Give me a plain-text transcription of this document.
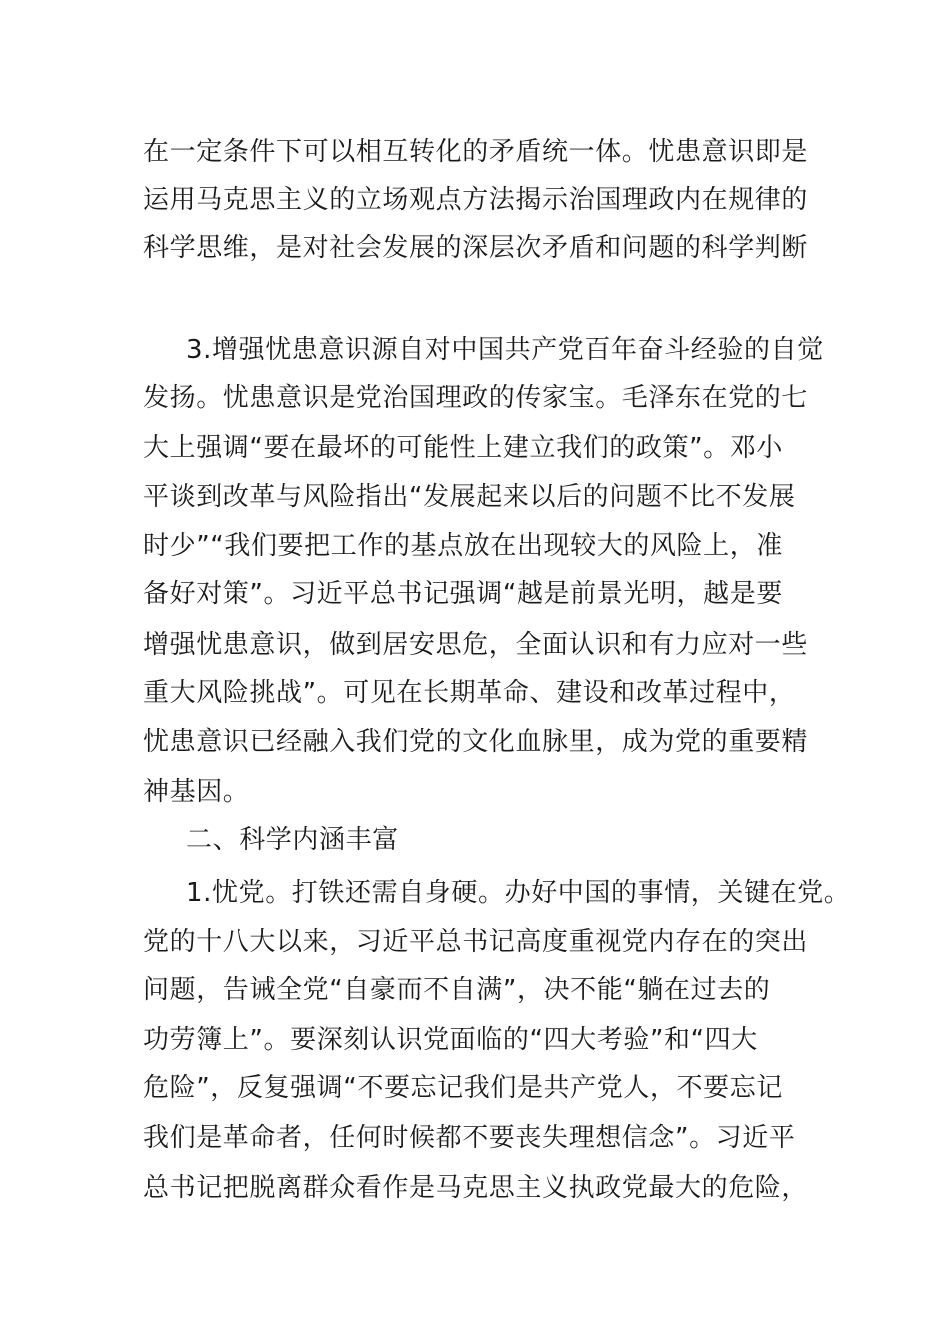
在一定条件下可以相互转化的矛盾统一体。忧患意识即是

运用马克思主义的立场观点方法揭示治国理政内在规律的

科学思维，是对社会发展的深层次矛盾和问题的科学判断

3.增强忧患意识源自对中国共产党百年奋斗经验的自觉

发扬。忧患意识是党治国理政的传家宝。毛泽东在党的七

大上强调“要在最坏的可能性上建立我们的政策”。邓小

平谈到改革与风险指出“发展起来以后的问题不比不发展

时少”“我们要把工作的基点放在出现较大的风险上，准

备好对策”。习近平总书记强调“越是前景光明，越是要

增强忧患意识，做到居安思危，全面认识和有力应对一些

重大风险挑战”。可见在长期革命、建设和改革过程中，

忧患意识已经融入我们党的文化血脉里，成为党的重要精

神基因。

二、科学内涵丰富

1.忧党。打铁还需自身硬。办好中国的事情，关键在党。

党的十八大以来，习近平总书记高度重视党内存在的突出

问题，告诫全党“自豪而不自满”，决不能“躺在过去的

功劳簿上”。要深刻认识党面临的“四大考验”和“四大

危险”，反复强调“不要忘记我们是共产党人，不要忘记

我们是革命者，任何时候都不要丧失理想信念”。习近平

总书记把脱离群众看作是马克思主义执政党最大的危险，
